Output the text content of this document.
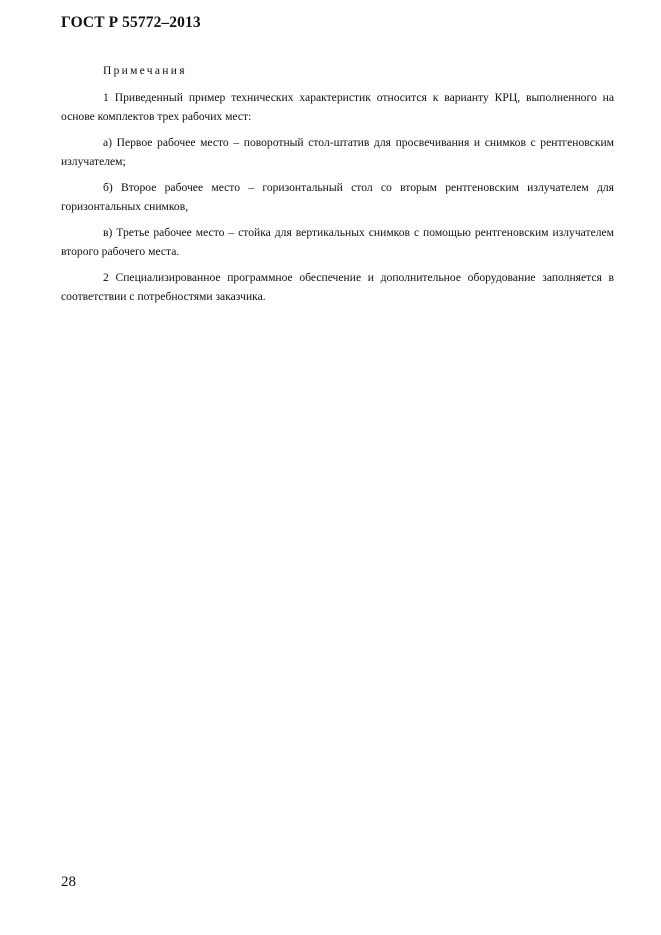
ГОСТ Р 55772–2013
Примечания

1 Приведенный пример технических характеристик относится к варианту КРЦ, выполненного на основе комплектов трех рабочих мест:

а) Первое рабочее место – поворотный стол-штатив для просвечивания и снимков с рентгеновским излучателем;

б) Второе рабочее место – горизонтальный стол со вторым рентгеновским излучателем для горизонтальных снимков,

в) Третье рабочее место – стойка для вертикальных снимков с помощью рентгеновским излучателем второго рабочего места.

2 Специализированное программное обеспечение и дополнительное оборудование заполняется в соответствии с потребностями заказчика.

28
